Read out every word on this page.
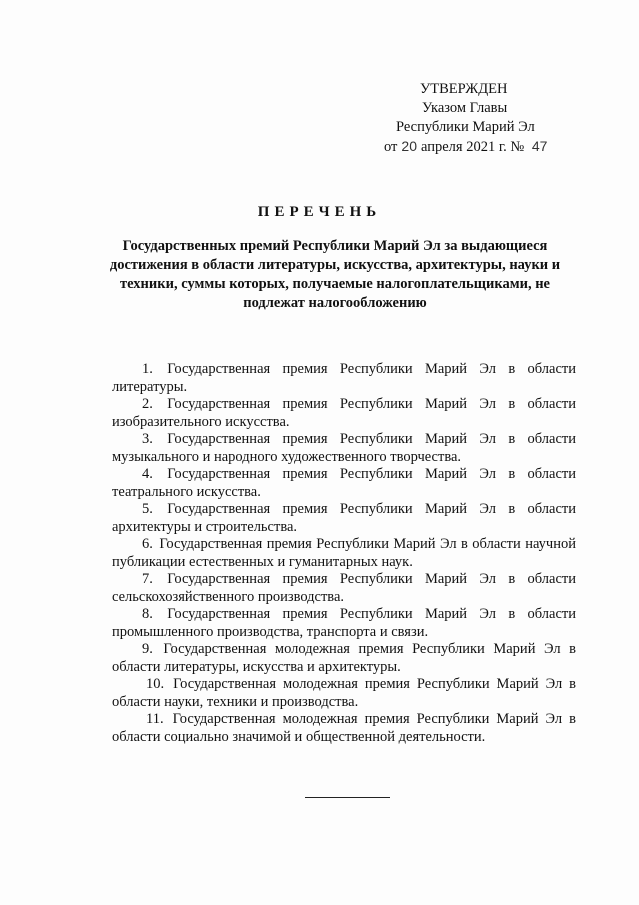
УТВЕРЖДЕН
Указом Главы
Республики Марий Эл
от 20 апреля 2021 г. № 47
ПЕРЕЧЕНЬ
Государственных премий Республики Марий Эл за выдающиеся достижения в области литературы, искусства, архитектуры, науки и техники, суммы которых, получаемые налогоплательщиками, не подлежат налогообложению

1. Государственная премия Республики Марий Эл в области литературы.

2. Государственная премия Республики Марий Эл в области изобразительного искусства.

3. Государственная премия Республики Марий Эл в области музыкального и народного художественного творчества.

4. Государственная премия Республики Марий Эл в области театрального искусства.

5. Государственная премия Республики Марий Эл в области архитектуры и строительства.

6. Государственная премия Республики Марий Эл в области научной публикации естественных и гуманитарных наук.

7. Государственная премия Республики Марий Эл в области сельскохозяйственного производства.

8. Государственная премия Республики Марий Эл в области промышленного производства, транспорта и связи.

9. Государственная молодежная премия Республики Марий Эл в области литературы, искусства и архитектуры.

10. Государственная молодежная премия Республики Марий Эл в области науки, техники и производства.

11. Государственная молодежная премия Республики Марий Эл в области социально значимой и общественной деятельности.
